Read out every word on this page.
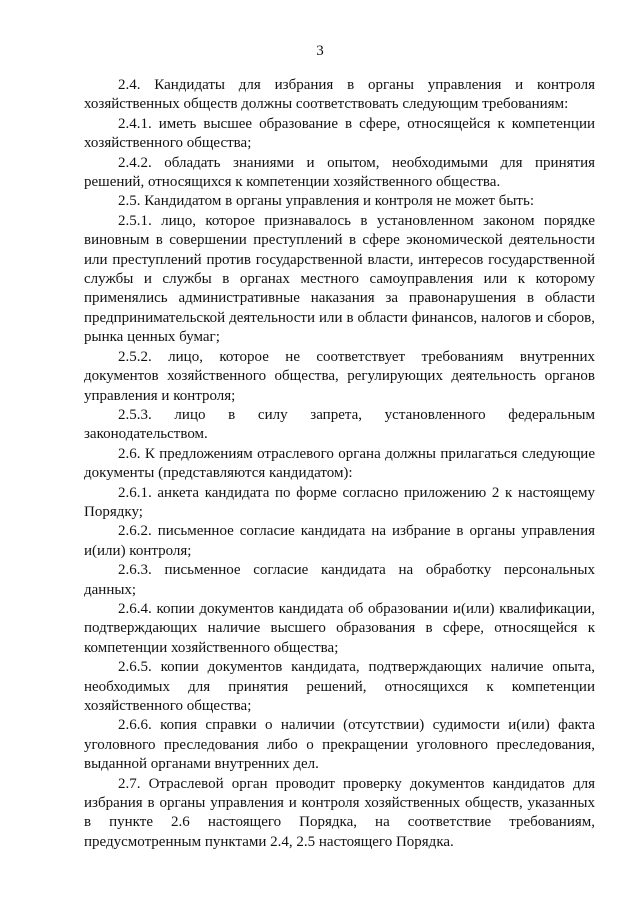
3

2.4. Кандидаты для избрания в органы управления и контроля хозяйственных обществ должны соответствовать следующим требованиям:

2.4.1. иметь высшее образование в сфере, относящейся к компетенции хозяйственного общества;

2.4.2. обладать знаниями и опытом, необходимыми для принятия решений, относящихся к компетенции хозяйственного общества.

2.5. Кандидатом в органы управления и контроля не может быть:

2.5.1. лицо, которое признавалось в установленном законом порядке виновным в совершении преступлений в сфере экономической деятельности или преступлений против государственной власти, интересов государственной службы и службы в органах местного самоуправления или к которому применялись административные наказания за правонарушения в области предпринимательской деятельности или в области финансов, налогов и сборов, рынка ценных бумаг;

2.5.2. лицо, которое не соответствует требованиям внутренних документов хозяйственного общества, регулирующих деятельность органов управления и контроля;

2.5.3. лицо в силу запрета, установленного федеральным законодательством.

2.6. К предложениям отраслевого органа должны прилагаться следующие документы (представляются кандидатом):

2.6.1. анкета кандидата по форме согласно приложению 2 к настоящему Порядку;

2.6.2. письменное согласие кандидата на избрание в органы управления и(или) контроля;

2.6.3. письменное согласие кандидата на обработку персональных данных;

2.6.4. копии документов кандидата об образовании и(или) квалификации, подтверждающих наличие высшего образования в сфере, относящейся к компетенции хозяйственного общества;

2.6.5. копии документов кандидата, подтверждающих наличие опыта, необходимых для принятия решений, относящихся к компетенции хозяйственного общества;

2.6.6. копия справки о наличии (отсутствии) судимости и(или) факта уголовного преследования либо о прекращении уголовного преследования, выданной органами внутренних дел.

2.7. Отраслевой орган проводит проверку документов кандидатов для избрания в органы управления и контроля хозяйственных обществ, указанных в пункте 2.6 настоящего Порядка, на соответствие требованиям, предусмотренным пунктами 2.4, 2.5 настоящего Порядка.
